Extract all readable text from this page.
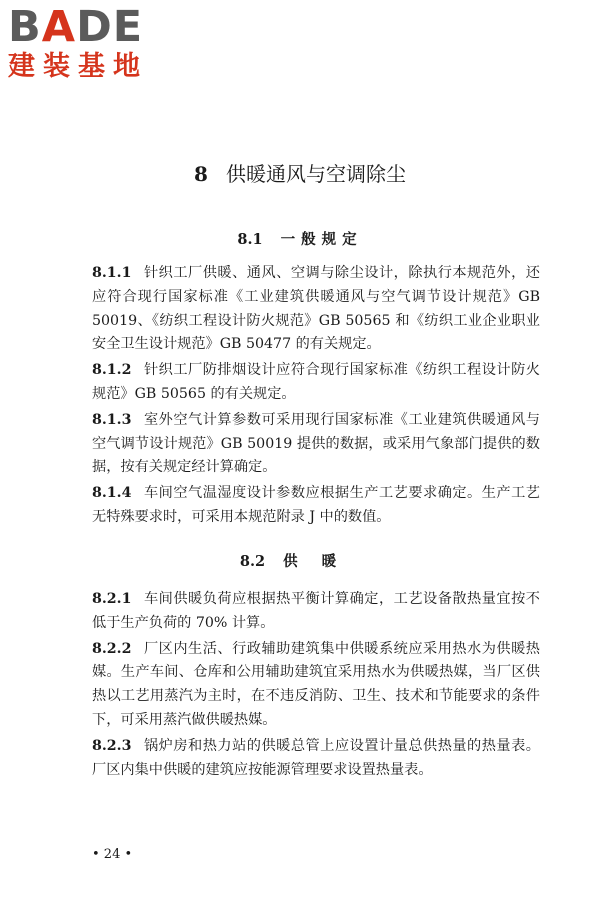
BADE
建装基地
8 供暖通风与空调除尘
8.1 一般规定

8.1.1 针织工厂供暖、通风、空调与除尘设计，除执行本规范外，还应符合现行国家标准《工业建筑供暖通风与空气调节设计规范》GB 50019、《纺织工程设计防火规范》GB 50565 和《纺织工业企业职业安全卫生设计规范》GB 50477 的有关规定。

8.1.2 针织工厂防排烟设计应符合现行国家标准《纺织工程设计防火规范》GB 50565 的有关规定。

8.1.3 室外空气计算参数可采用现行国家标准《工业建筑供暖通风与空气调节设计规范》GB 50019 提供的数据，或采用气象部门提供的数据，按有关规定经计算确定。

8.1.4 车间空气温湿度设计参数应根据生产工艺要求确定。生产工艺无特殊要求时，可采用本规范附录 J 中的数值。

8.2 供暖

8.2.1 车间供暖负荷应根据热平衡计算确定，工艺设备散热量宜按不低于生产负荷的 70% 计算。

8.2.2 厂区内生活、行政辅助建筑集中供暖系统应采用热水为供暖热媒。生产车间、仓库和公用辅助建筑宜采用热水为供暖热媒，当厂区供热以工艺用蒸汽为主时，在不违反消防、卫生、技术和节能要求的条件下，可采用蒸汽做供暖热媒。

8.2.3 锅炉房和热力站的供暖总管上应设置计量总供热量的热量表。厂区内集中供暖的建筑应按能源管理要求设置热量表。

• 24 •
